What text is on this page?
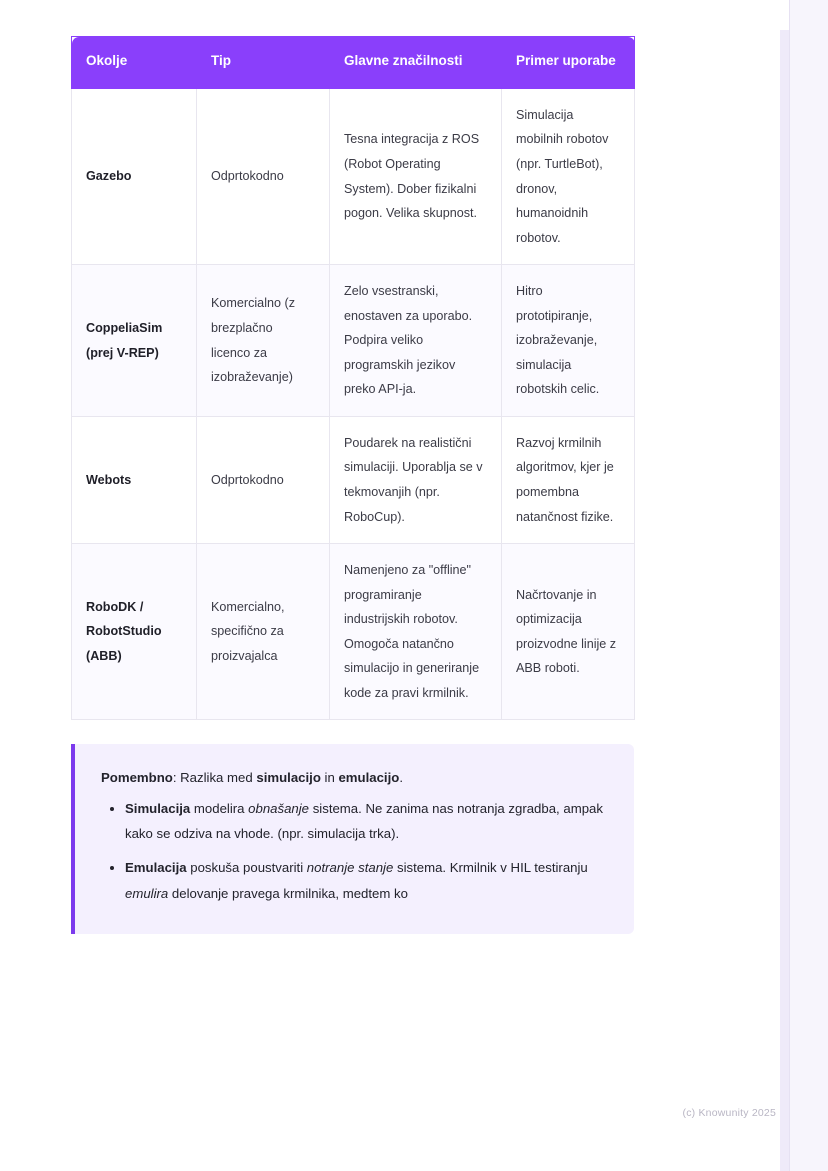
Okolje	Tip	Glavne značilnosti	Primer uporabe
Gazebo	Odprtokodno	Tesna integracija z ROS (Robot Operating System). Dober fizikalni pogon. Velika skupnost.	Simulacija mobilnih robotov (npr. TurtleBot), dronov, humanoidnih robotov.
CoppeliaSim (prej V-REP)	Komercialno (z brezplačno licenco za izobraževanje)	Zelo vsestranski, enostaven za uporabo. Podpira veliko programskih jezikov preko API-ja.	Hitro prototipiranje, izobraževanje, simulacija robotskih celic.
Webots	Odprtokodno	Poudarek na realistični simulaciji. Uporablja se v tekmovanjih (npr. RoboCup).	Razvoj krmilnih algoritmov, kjer je pomembna natančnost fizike.
RoboDK / RobotStudio (ABB)	Komercialno, specifično za proizvajalca	Namenjeno za "offline" programiranje industrijskih robotov. Omogoča natančno simulacijo in generiranje kode za pravi krmilnik.	Načrtovanje in optimizacija proizvodne linije z ABB roboti.

Pomembno: Razlika med simulacijo in emulacijo.

• Simulacija modelira obnašanje sistema. Ne zanima nas notranja zgradba, ampak kako se odziva na vhode. (npr. simulacija trka).
• Emulacija poskuša poustvariti notranje stanje sistema. Krmilnik v HIL testiranju emulira delovanje pravega krmilnika, medtem ko
(c) Knowunity 2025
